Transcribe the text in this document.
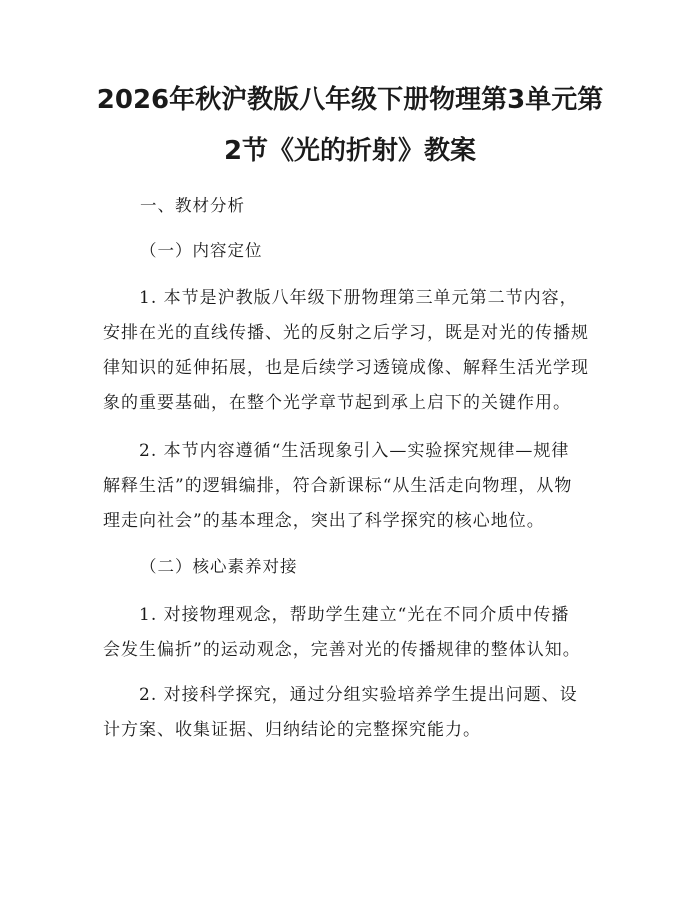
2026年秋沪教版八年级下册物理第3单元第
2节《光的折射》教案
一、教材分析
（一）内容定位
1. 本节是沪教版八年级下册物理第三单元第二节内容，
安排在光的直线传播、光的反射之后学习，既是对光的传播规
律知识的延伸拓展，也是后续学习透镜成像、解释生活光学现
象的重要基础，在整个光学章节起到承上启下的关键作用。
2. 本节内容遵循“生活现象引入—实验探究规律—规律
解释生活”的逻辑编排，符合新课标“从生活走向物理，从物
理走向社会”的基本理念，突出了科学探究的核心地位。
（二）核心素养对接
1. 对接物理观念，帮助学生建立“光在不同介质中传播
会发生偏折”的运动观念，完善对光的传播规律的整体认知。
2. 对接科学探究，通过分组实验培养学生提出问题、设
计方案、收集证据、归纳结论的完整探究能力。
